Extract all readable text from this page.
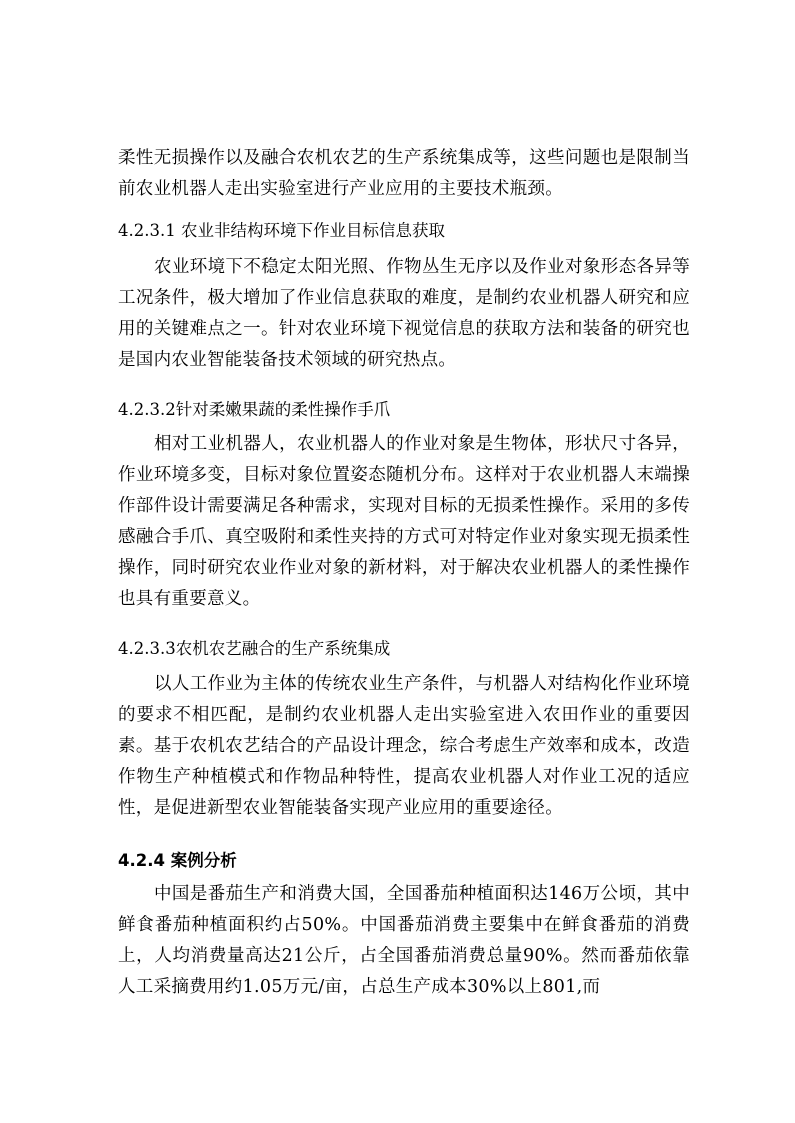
柔性无损操作以及融合农机农艺的生产系统集成等，这些问题也是限制当前农业机器人走出实验室进行产业应用的主要技术瓶颈。

4.2.3.1 农业非结构环境下作业目标信息获取

农业环境下不稳定太阳光照、作物丛生无序以及作业对象形态各异等工况条件，极大增加了作业信息获取的难度，是制约农业机器人研究和应用的关键难点之一。针对农业环境下视觉信息的获取方法和装备的研究也是国内农业智能装备技术领域的研究热点。

4.2.3.2针对柔嫩果蔬的柔性操作手爪

相对工业机器人，农业机器人的作业对象是生物体，形状尺寸各异，作业环境多变，目标对象位置姿态随机分布。这样对于农业机器人末端操作部件设计需要满足各种需求，实现对目标的无损柔性操作。采用的多传感融合手爪、真空吸附和柔性夹持的方式可对特定作业对象实现无损柔性操作，同时研究农业作业对象的新材料，对于解决农业机器人的柔性操作也具有重要意义。

4.2.3.3农机农艺融合的生产系统集成

以人工作业为主体的传统农业生产条件，与机器人对结构化作业环境的要求不相匹配，是制约农业机器人走出实验室进入农田作业的重要因素。基于农机农艺结合的产品设计理念，综合考虑生产效率和成本，改造作物生产种植模式和作物品种特性，提高农业机器人对作业工况的适应性，是促进新型农业智能装备实现产业应用的重要途径。

4.2.4 案例分析

中国是番茄生产和消费大国，全国番茄种植面积达146万公顷，其中鲜食番茄种植面积约占50%。中国番茄消费主要集中在鲜食番茄的消费上，人均消费量高达21公斤，占全国番茄消费总量90%。然而番茄依靠人工采摘费用约1.05万元/亩，占总生产成本30%以上801,而
